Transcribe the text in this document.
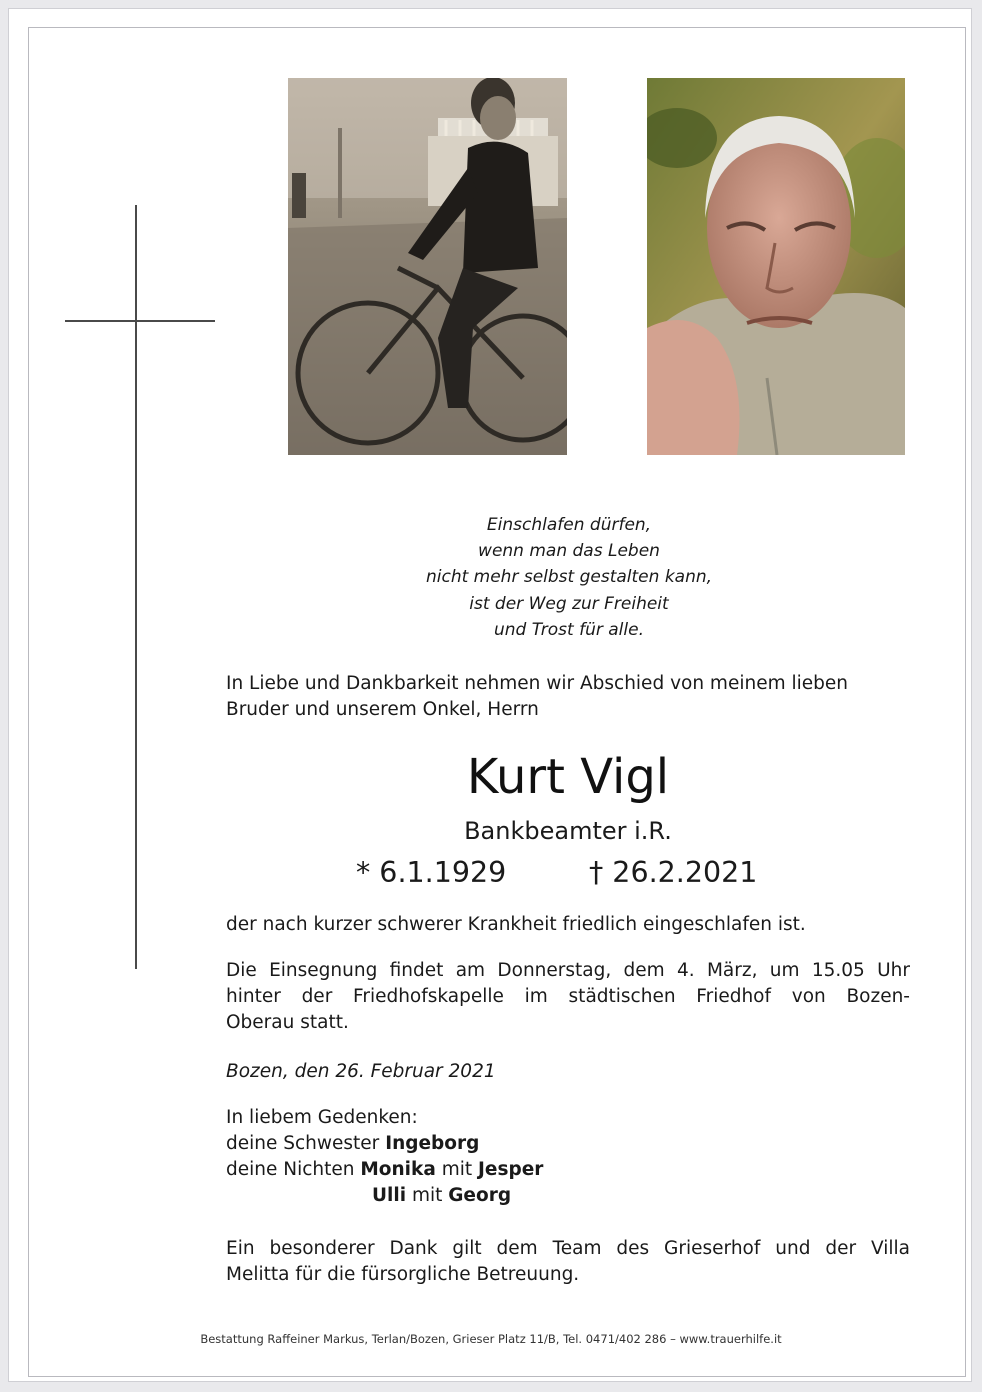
Einschlafen dürfen,
wenn man das Leben
nicht mehr selbst gestalten kann,
ist der Weg zur Freiheit
und Trost für alle.
In Liebe und Dankbarkeit nehmen wir Abschied von meinem lieben
Bruder und unserem Onkel, Herrn
Kurt Vigl
Bankbeamter i.R.
* 6.1.1929	† 26.2.2021
der nach kurzer schwerer Krankheit friedlich eingeschlafen ist.
Die Einsegnung findet am Donnerstag, dem 4. März, um 15.05 Uhr
hinter der Friedhofskapelle im städtischen Friedhof von Bozen-
Oberau statt.
Bozen, den 26. Februar 2021
In liebem Gedenken:
deine Schwester Ingeborg
deine Nichten Monika mit Jesper
Ulli mit Georg
Ein besonderer Dank gilt dem Team des Grieserhof und der Villa
Melitta für die fürsorgliche Betreuung.
Bestattung Raffeiner Markus, Terlan/Bozen, Grieser Platz 11/B, Tel. 0471/402 286 – www.trauerhilfe.it
